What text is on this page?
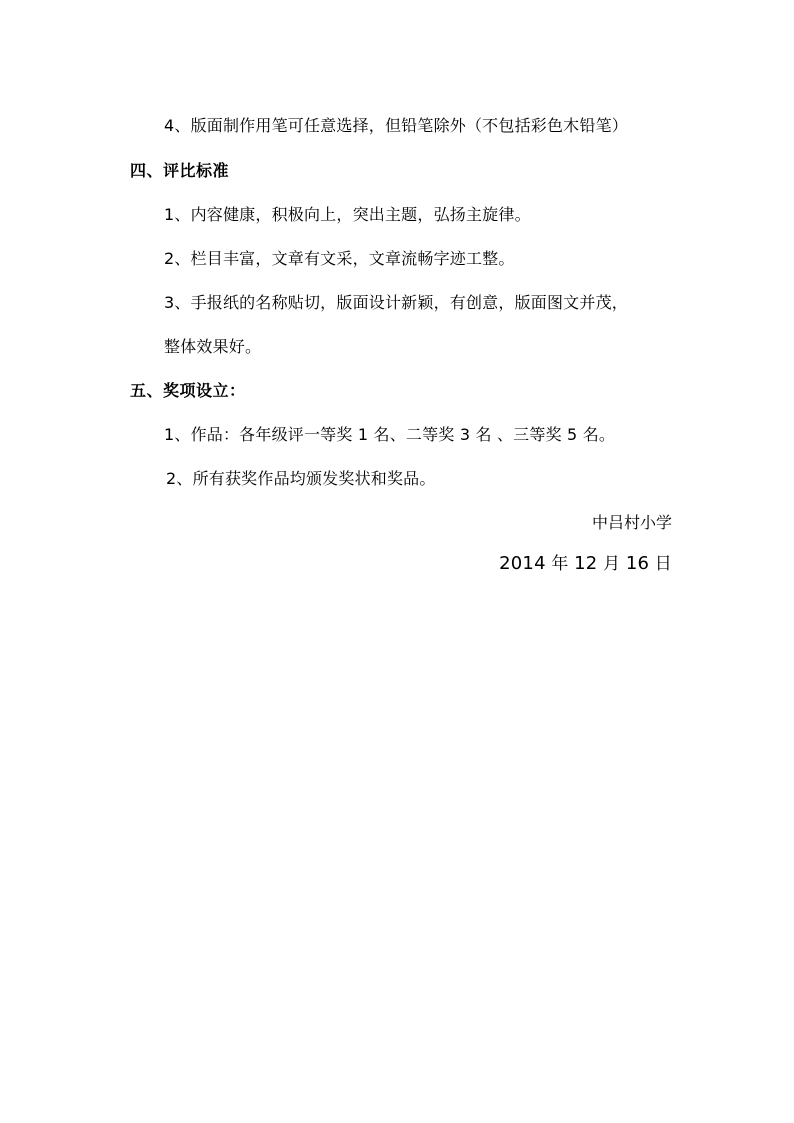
4、版面制作用笔可任意选择，但铅笔除外（不包括彩色木铅笔）
四、评比标准
1、内容健康，积极向上，突出主题，弘扬主旋律。
2、栏目丰富，文章有文采，文章流畅字迹工整。
3、手报纸的名称贴切，版面设计新颖，有创意，版面图文并茂，
整体效果好。
五、奖项设立：
1、作品：各年级评一等奖 1 名、二等奖 3 名 、三等奖 5 名。
2、所有获奖作品均颁发奖状和奖品。
中吕村小学
2014 年 12 月 16 日
